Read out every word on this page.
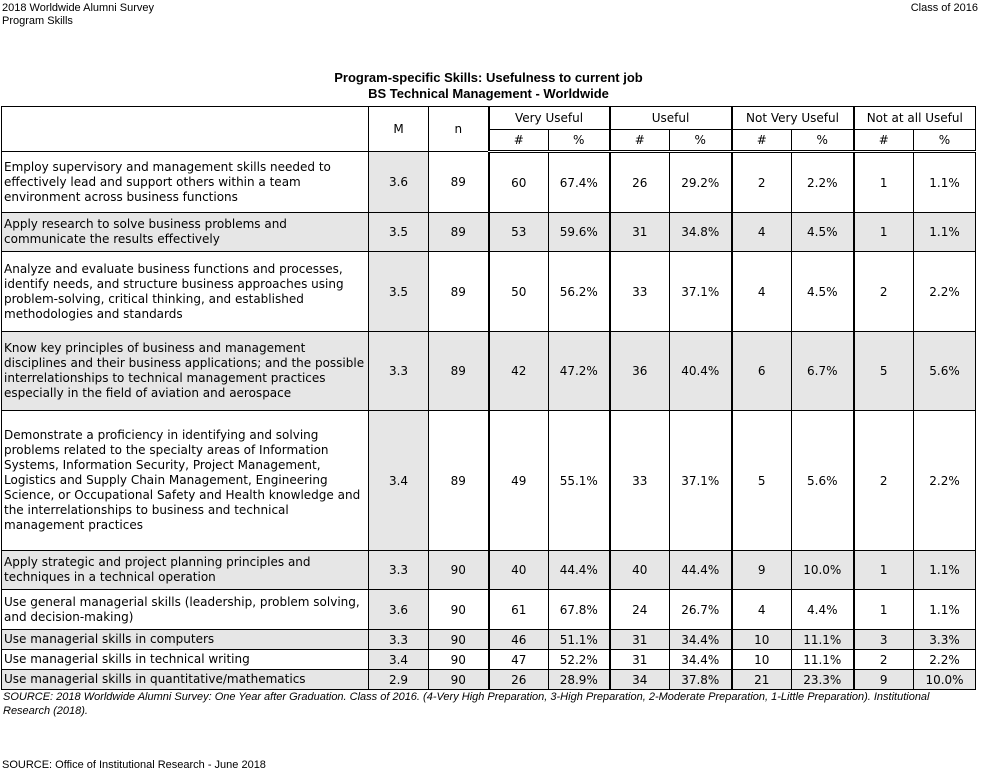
2018 Worldwide Alumni Survey
Program Skills
Class of 2016
Program-specific Skills: Usefulness to current job
BS Technical Management - Worldwide
	M	n	Very Useful		Useful		Not Very Useful		Not at all Useful	
			#	%	#	%	#	%	#	%
Employ supervisory and management skills needed to effectively lead and support others within a team environment across business functions	3.6	89	60	67.4%	26	29.2%	2	2.2%	1	1.1%
Apply research to solve business problems and communicate the results effectively	3.5	89	53	59.6%	31	34.8%	4	4.5%	1	1.1%
Analyze and evaluate business functions and processes, identify needs, and structure business approaches using problem-solving, critical thinking, and established methodologies and standards	3.5	89	50	56.2%	33	37.1%	4	4.5%	2	2.2%
Know key principles of business and management disciplines and their business applications; and the possible interrelationships to technical management practices especially in the field of aviation and aerospace	3.3	89	42	47.2%	36	40.4%	6	6.7%	5	5.6%
Demonstrate a proficiency in identifying and solving problems related to the specialty areas of Information Systems, Information Security, Project Management, Logistics and Supply Chain Management, Engineering Science, or Occupational Safety and Health knowledge and the interrelationships to business and technical management practices	3.4	89	49	55.1%	33	37.1%	5	5.6%	2	2.2%
Apply strategic and project planning principles and techniques in a technical operation	3.3	90	40	44.4%	40	44.4%	9	10.0%	1	1.1%
Use general managerial skills (leadership, problem solving, and decision-making)	3.6	90	61	67.8%	24	26.7%	4	4.4%	1	1.1%
Use managerial skills in computers	3.3	90	46	51.1%	31	34.4%	10	11.1%	3	3.3%
Use managerial skills in technical writing	3.4	90	47	52.2%	31	34.4%	10	11.1%	2	2.2%
Use managerial skills in quantitative/mathematics	2.9	90	26	28.9%	34	37.8%	21	23.3%	9	10.0%
SOURCE: 2018 Worldwide Alumni Survey: One Year after Graduation. Class of 2016. (4-Very High Preparation, 3-High Preparation, 2-Moderate Preparation, 1-Little Preparation). Institutional Research (2018).
SOURCE: Office of Institutional Research - June 2018
